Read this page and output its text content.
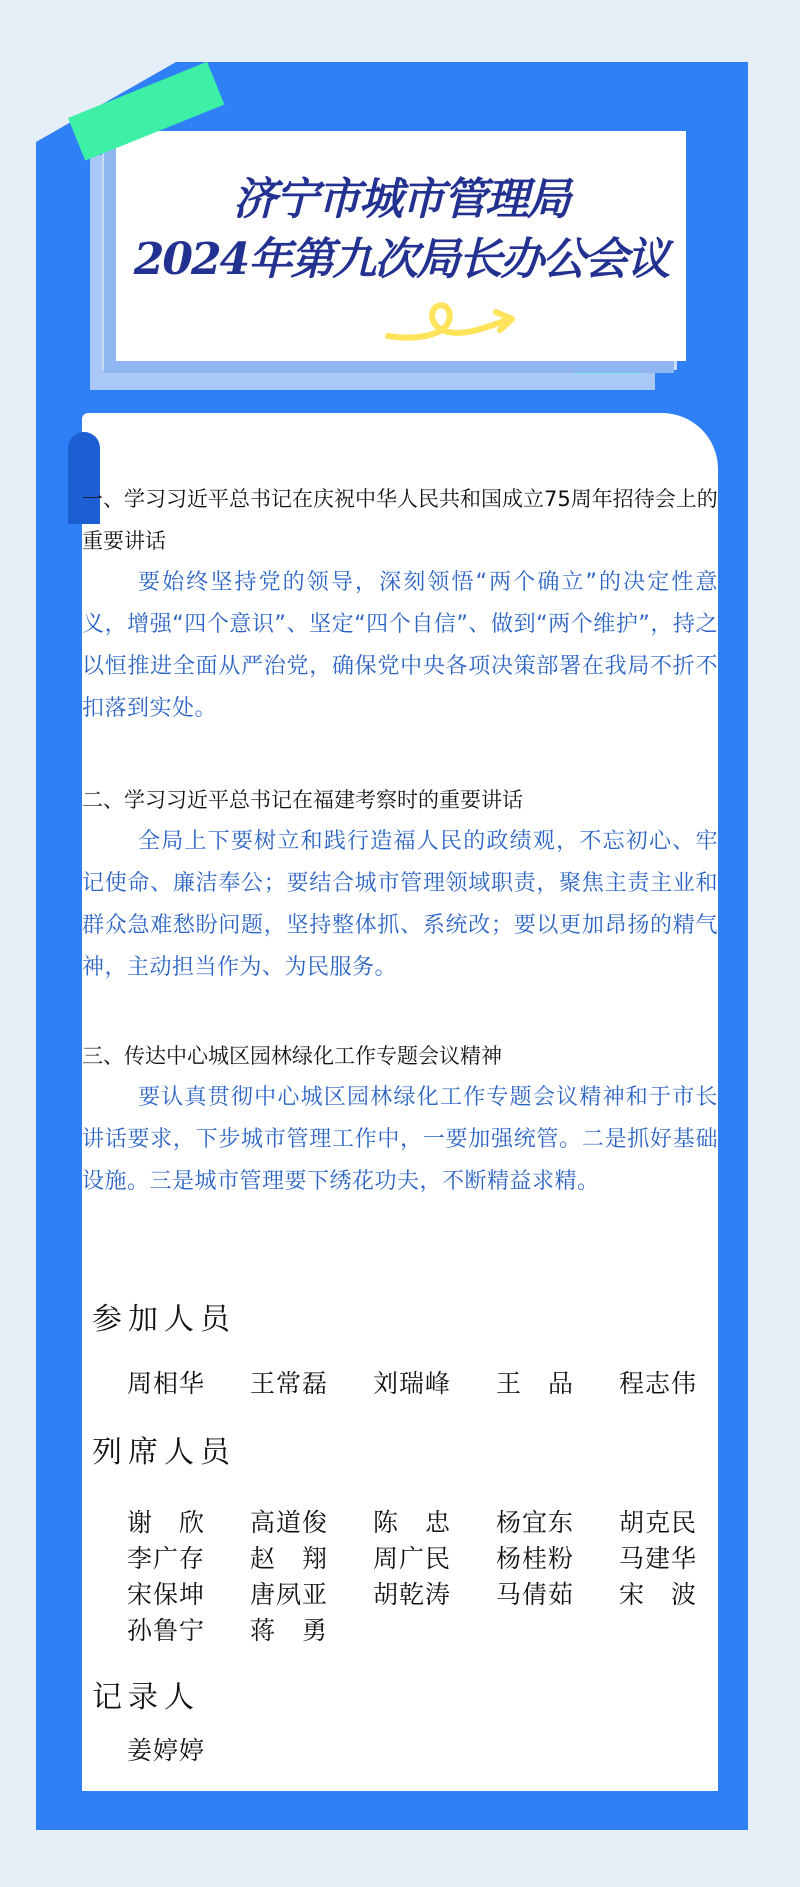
济宁市城市管理局
2024年第九次局长办公会议

一、学习习近平总书记在庆祝中华人民共和国成立75周年招待会上的重要讲话

要始终坚持党的领导，深刻领悟“两个确立”的决定性意义，增强“四个意识”、坚定“四个自信”、做到“两个维护”，持之以恒推进全面从严治党，确保党中央各项决策部署在我局不折不扣落到实处。

二、学习习近平总书记在福建考察时的重要讲话

全局上下要树立和践行造福人民的政绩观，不忘初心、牢记使命、廉洁奉公；要结合城市管理领域职责，聚焦主责主业和群众急难愁盼问题，坚持整体抓、系统改；要以更加昂扬的精气神，主动担当作为、为民服务。

三、传达中心城区园林绿化工作专题会议精神

要认真贯彻中心城区园林绿化工作专题会议精神和于市长讲话要求，下步城市管理工作中，一要加强统管。二是抓好基础设施。三是城市管理要下绣花功夫，不断精益求精。

参加人员
周相华 王常磊 刘瑞峰 王　品 程志伟
列席人员
谢　欣 高道俊 陈　忠 杨宜东 胡克民
李广存 赵　翔 周广民 杨桂粉 马建华
宋保坤 唐夙亚 胡乾涛 马倩茹 宋　波
孙鲁宁 蒋　勇
记录人
姜婷婷
